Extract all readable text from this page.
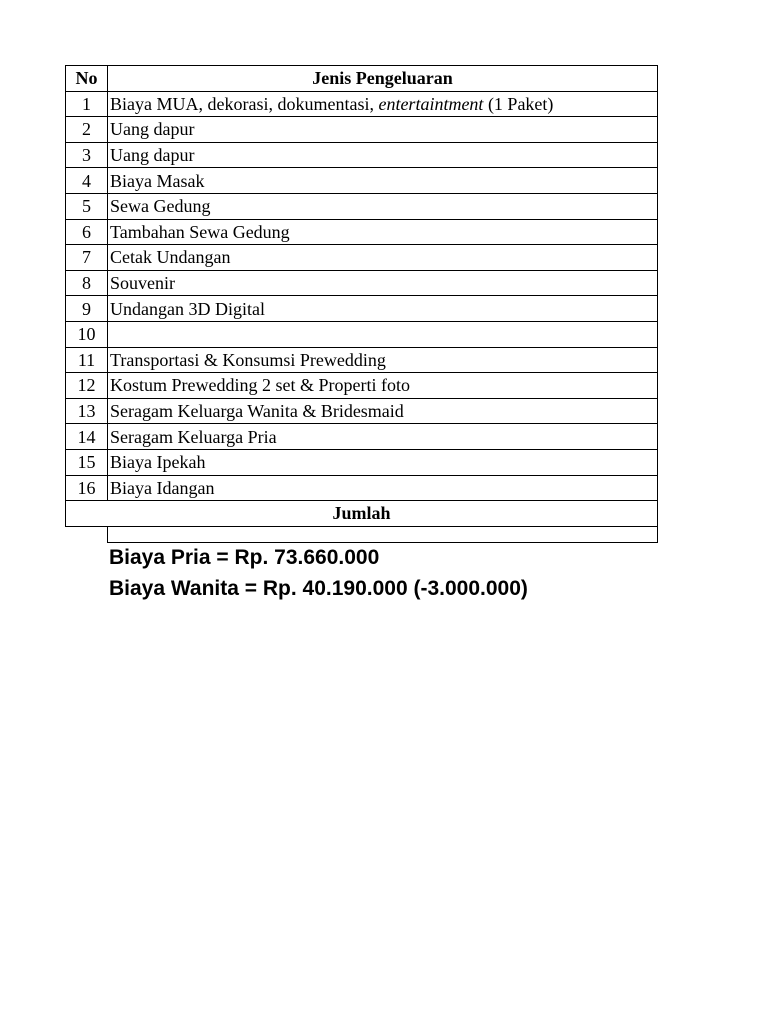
No	Jenis Pengeluaran
1	Biaya MUA, dekorasi, dokumentasi, entertaintment (1 Paket)
2	Uang dapur
3	Uang dapur
4	Biaya Masak
5	Sewa Gedung
6	Tambahan Sewa Gedung
7	Cetak Undangan
8	Souvenir
9	Undangan 3D Digital
10	
11	Transportasi & Konsumsi Prewedding
12	Kostum Prewedding 2 set & Properti foto
13	Seragam Keluarga Wanita & Bridesmaid
14	Seragam Keluarga Pria
15	Biaya Ipekah
16	Biaya Idangan
Jumlah	

Biaya Pria = Rp. 73.660.000
Biaya Wanita = Rp. 40.190.000 (-3.000.000)
